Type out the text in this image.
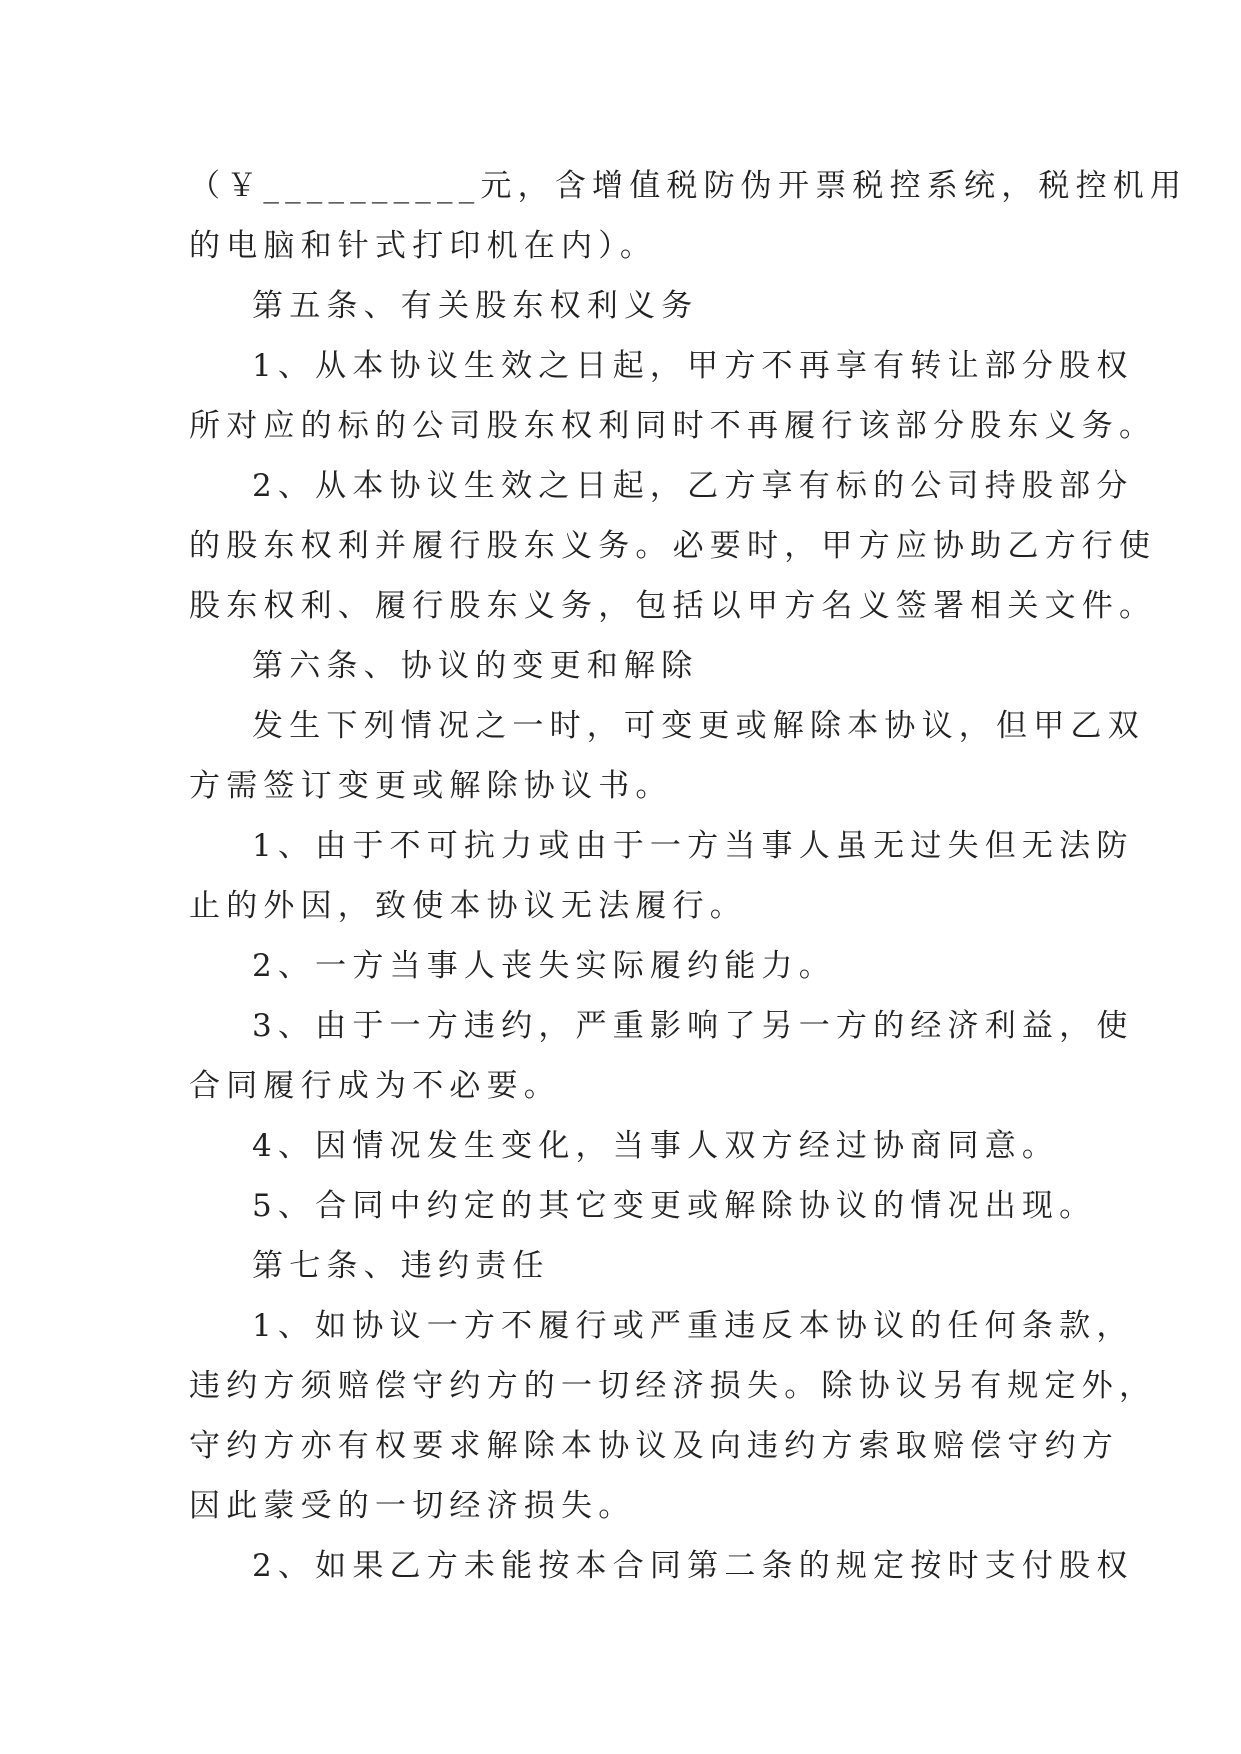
（￥__________元，含增值税防伪开票税控系统，税控机用
的电脑和针式打印机在内）。
第五条、有关股东权利义务
1、从本协议生效之日起，甲方不再享有转让部分股权
所对应的标的公司股东权利同时不再履行该部分股东义务。
2、从本协议生效之日起，乙方享有标的公司持股部分
的股东权利并履行股东义务。必要时，甲方应协助乙方行使
股东权利、履行股东义务，包括以甲方名义签署相关文件。
第六条、协议的变更和解除
发生下列情况之一时，可变更或解除本协议，但甲乙双
方需签订变更或解除协议书。
1、由于不可抗力或由于一方当事人虽无过失但无法防
止的外因，致使本协议无法履行。
2、一方当事人丧失实际履约能力。
3、由于一方违约，严重影响了另一方的经济利益，使
合同履行成为不必要。
4、因情况发生变化，当事人双方经过协商同意。
5、合同中约定的其它变更或解除协议的情况出现。
第七条、违约责任
1、如协议一方不履行或严重违反本协议的任何条款，
违约方须赔偿守约方的一切经济损失。除协议另有规定外，
守约方亦有权要求解除本协议及向违约方索取赔偿守约方
因此蒙受的一切经济损失。
2、如果乙方未能按本合同第二条的规定按时支付股权
